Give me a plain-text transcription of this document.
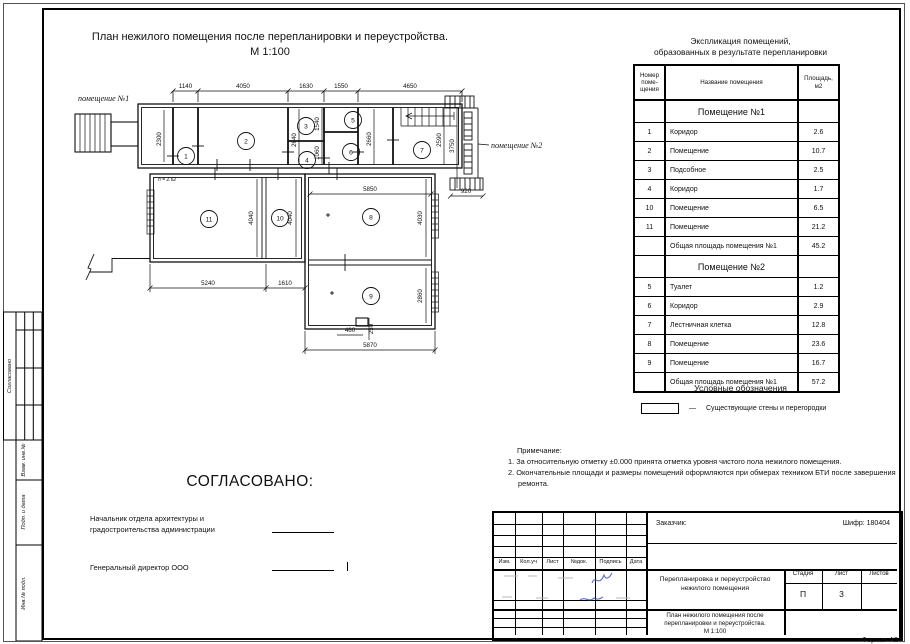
Согласовано
Взам. инв.№
Подп. и дата
Инв.№ подл.
План нежилого помещения после перепланировки и переустройства.
М 1:100
1140	4050	1630	1550	4650
2300	2640
1540
1060
2660	2590 3750
920
5850
4040	4040	4030
2860
5240	1610
460 250
5870
помещение №1
помещение №2
h = 2.62
1
2
3
4
5
6	7
8
9
10
11
Экспликация помещений,
образованных в результате перепланировки
Номер поме-щения	Название помещения	Площадь, м2
	Помещение №1	
1	Коридор	2.6
2	Помещение	10.7
3	Подсобное	2.5
4	Коридор	1.7
10	Помещение	6.5
11	Помещение	21.2
	Общая площадь помещения №1	45.2
	Помещение №2	
5	Туалет	1.2
6	Коридор	2.9
7	Лестничная клетка	12.8
8	Помещение	23.6
9	Помещение	16.7
	Общая площадь помещения №1	57.2
Условные обозначения
— Существующие стены и перегородки
Примечание:
1. За относительную отметку ±0.000 принята отметка уровня чистого пола нежилого помещения.
2. Окончательные площади и размеры помещений оформляются при обмерах техником БТИ после завершения ремонта.
СОГЛАСОВАНО:
Начальник отдела архитектуры и градостроительства администрации
Генеральный директор ООО
Изм.	Кол.уч	Лист	№док.	Подпись	Дата
Заказчик:	Шифр: 180404
Перепланировка и переустройство
нежилого помещения
Стадия	Лист	Листов
П	3
План нежилого помещения после
перепланировки и переустройства.
М 1:100
Формат А3
